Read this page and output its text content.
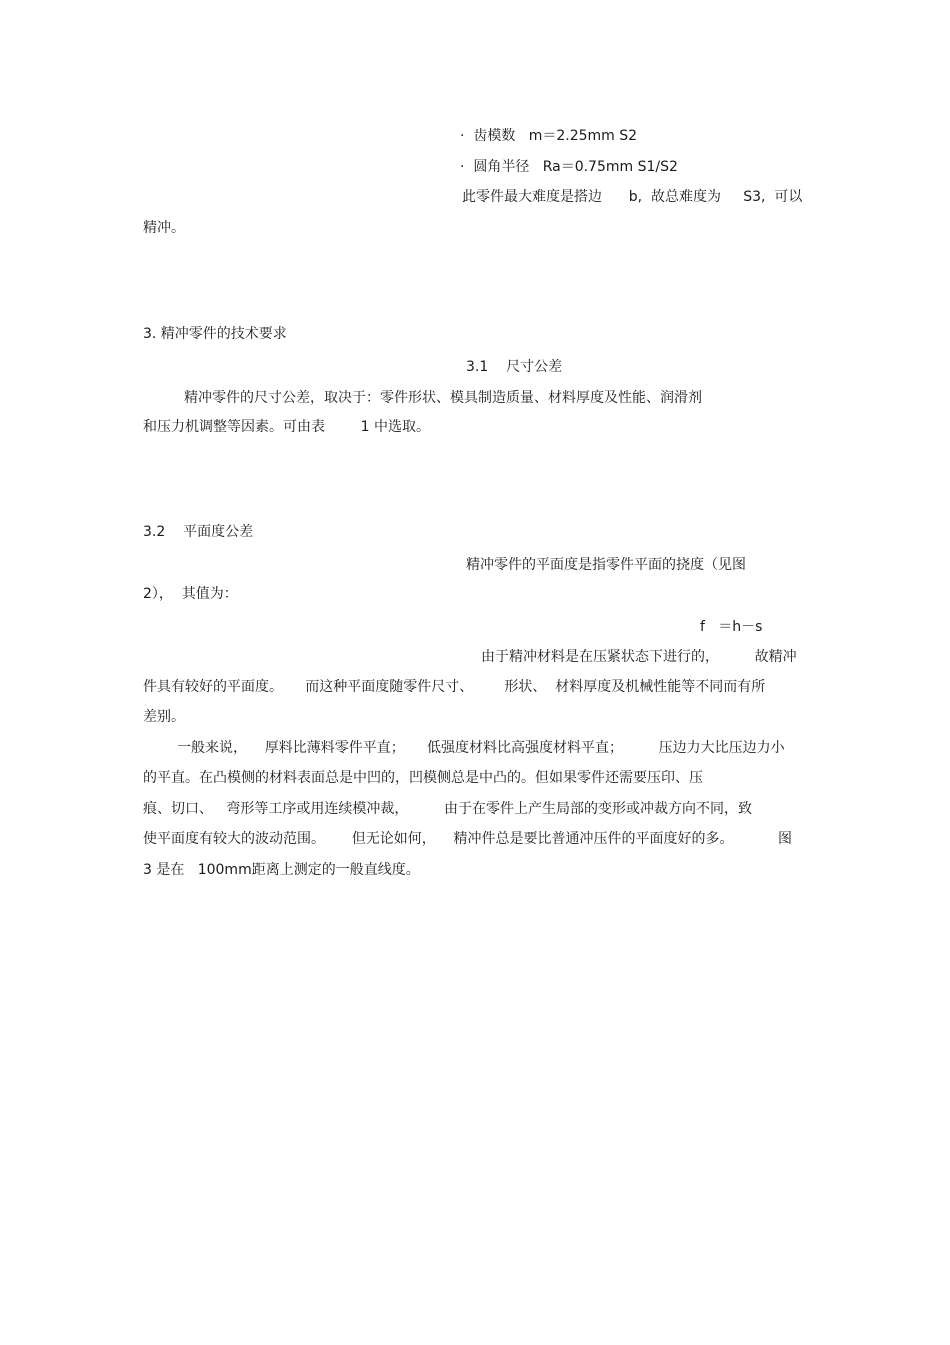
·  齿模数   m＝2.25mm S2
·  圆角半径   Ra＝0.75mm S1/S2
此零件最大难度是搭边      b,  故总难度为     S3,  可以
精冲。
3. 精冲零件的技术要求
3.1    尺寸公差
精冲零件的尺寸公差，取决于：零件形状、模具制造质量、材料厚度及性能、润滑剂
和压力机调整等因素。可由表        1 中选取。
3.2    平面度公差
精冲零件的平面度是指零件平面的挠度（见图
2），  其值为：
f   ＝h－s
由于精冲材料是在压紧状态下进行的，        故精冲
件具有较好的平面度。     而这种平面度随零件尺寸、       形状、  材料厚度及机械性能等不同而有所
差别。
一般来说，    厚料比薄料零件平直；     低强度材料比高强度材料平直；        压边力大比压边力小
的平直。在凸模侧的材料表面总是中凹的，凹模侧总是中凸的。但如果零件还需要压印、压
痕、切口、   弯形等工序或用连续模冲裁，        由于在零件上产生局部的变形或冲裁方向不同，致
使平面度有较大的波动范围。      但无论如何，    精冲件总是要比普通冲压件的平面度好的多。          图
3 是在   100mm距离上测定的一般直线度。
